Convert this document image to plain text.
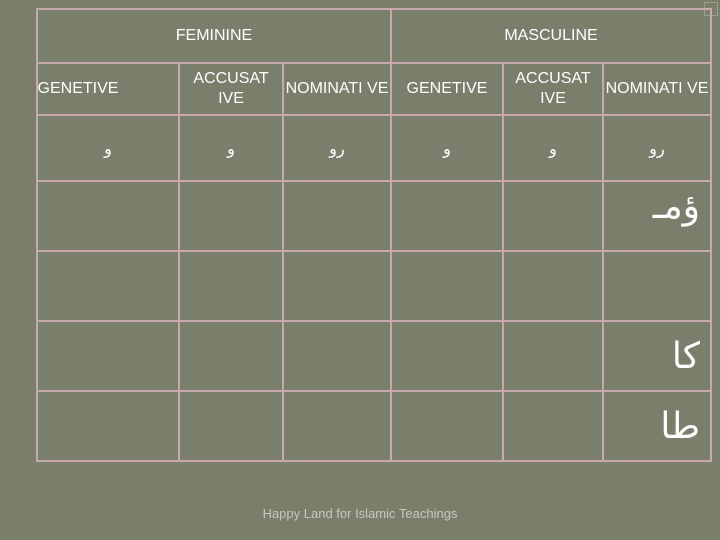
FEMININE	MASCULINE
GENETIVE	ACCUSAT IVE	NOMINATI VE	GENETIVE	ACCUSAT IVE	NOMINATI VE
و	و	رو	و	و	رو
					ؤمـ

					كا
					طا
Happy Land for Islamic Teachings
